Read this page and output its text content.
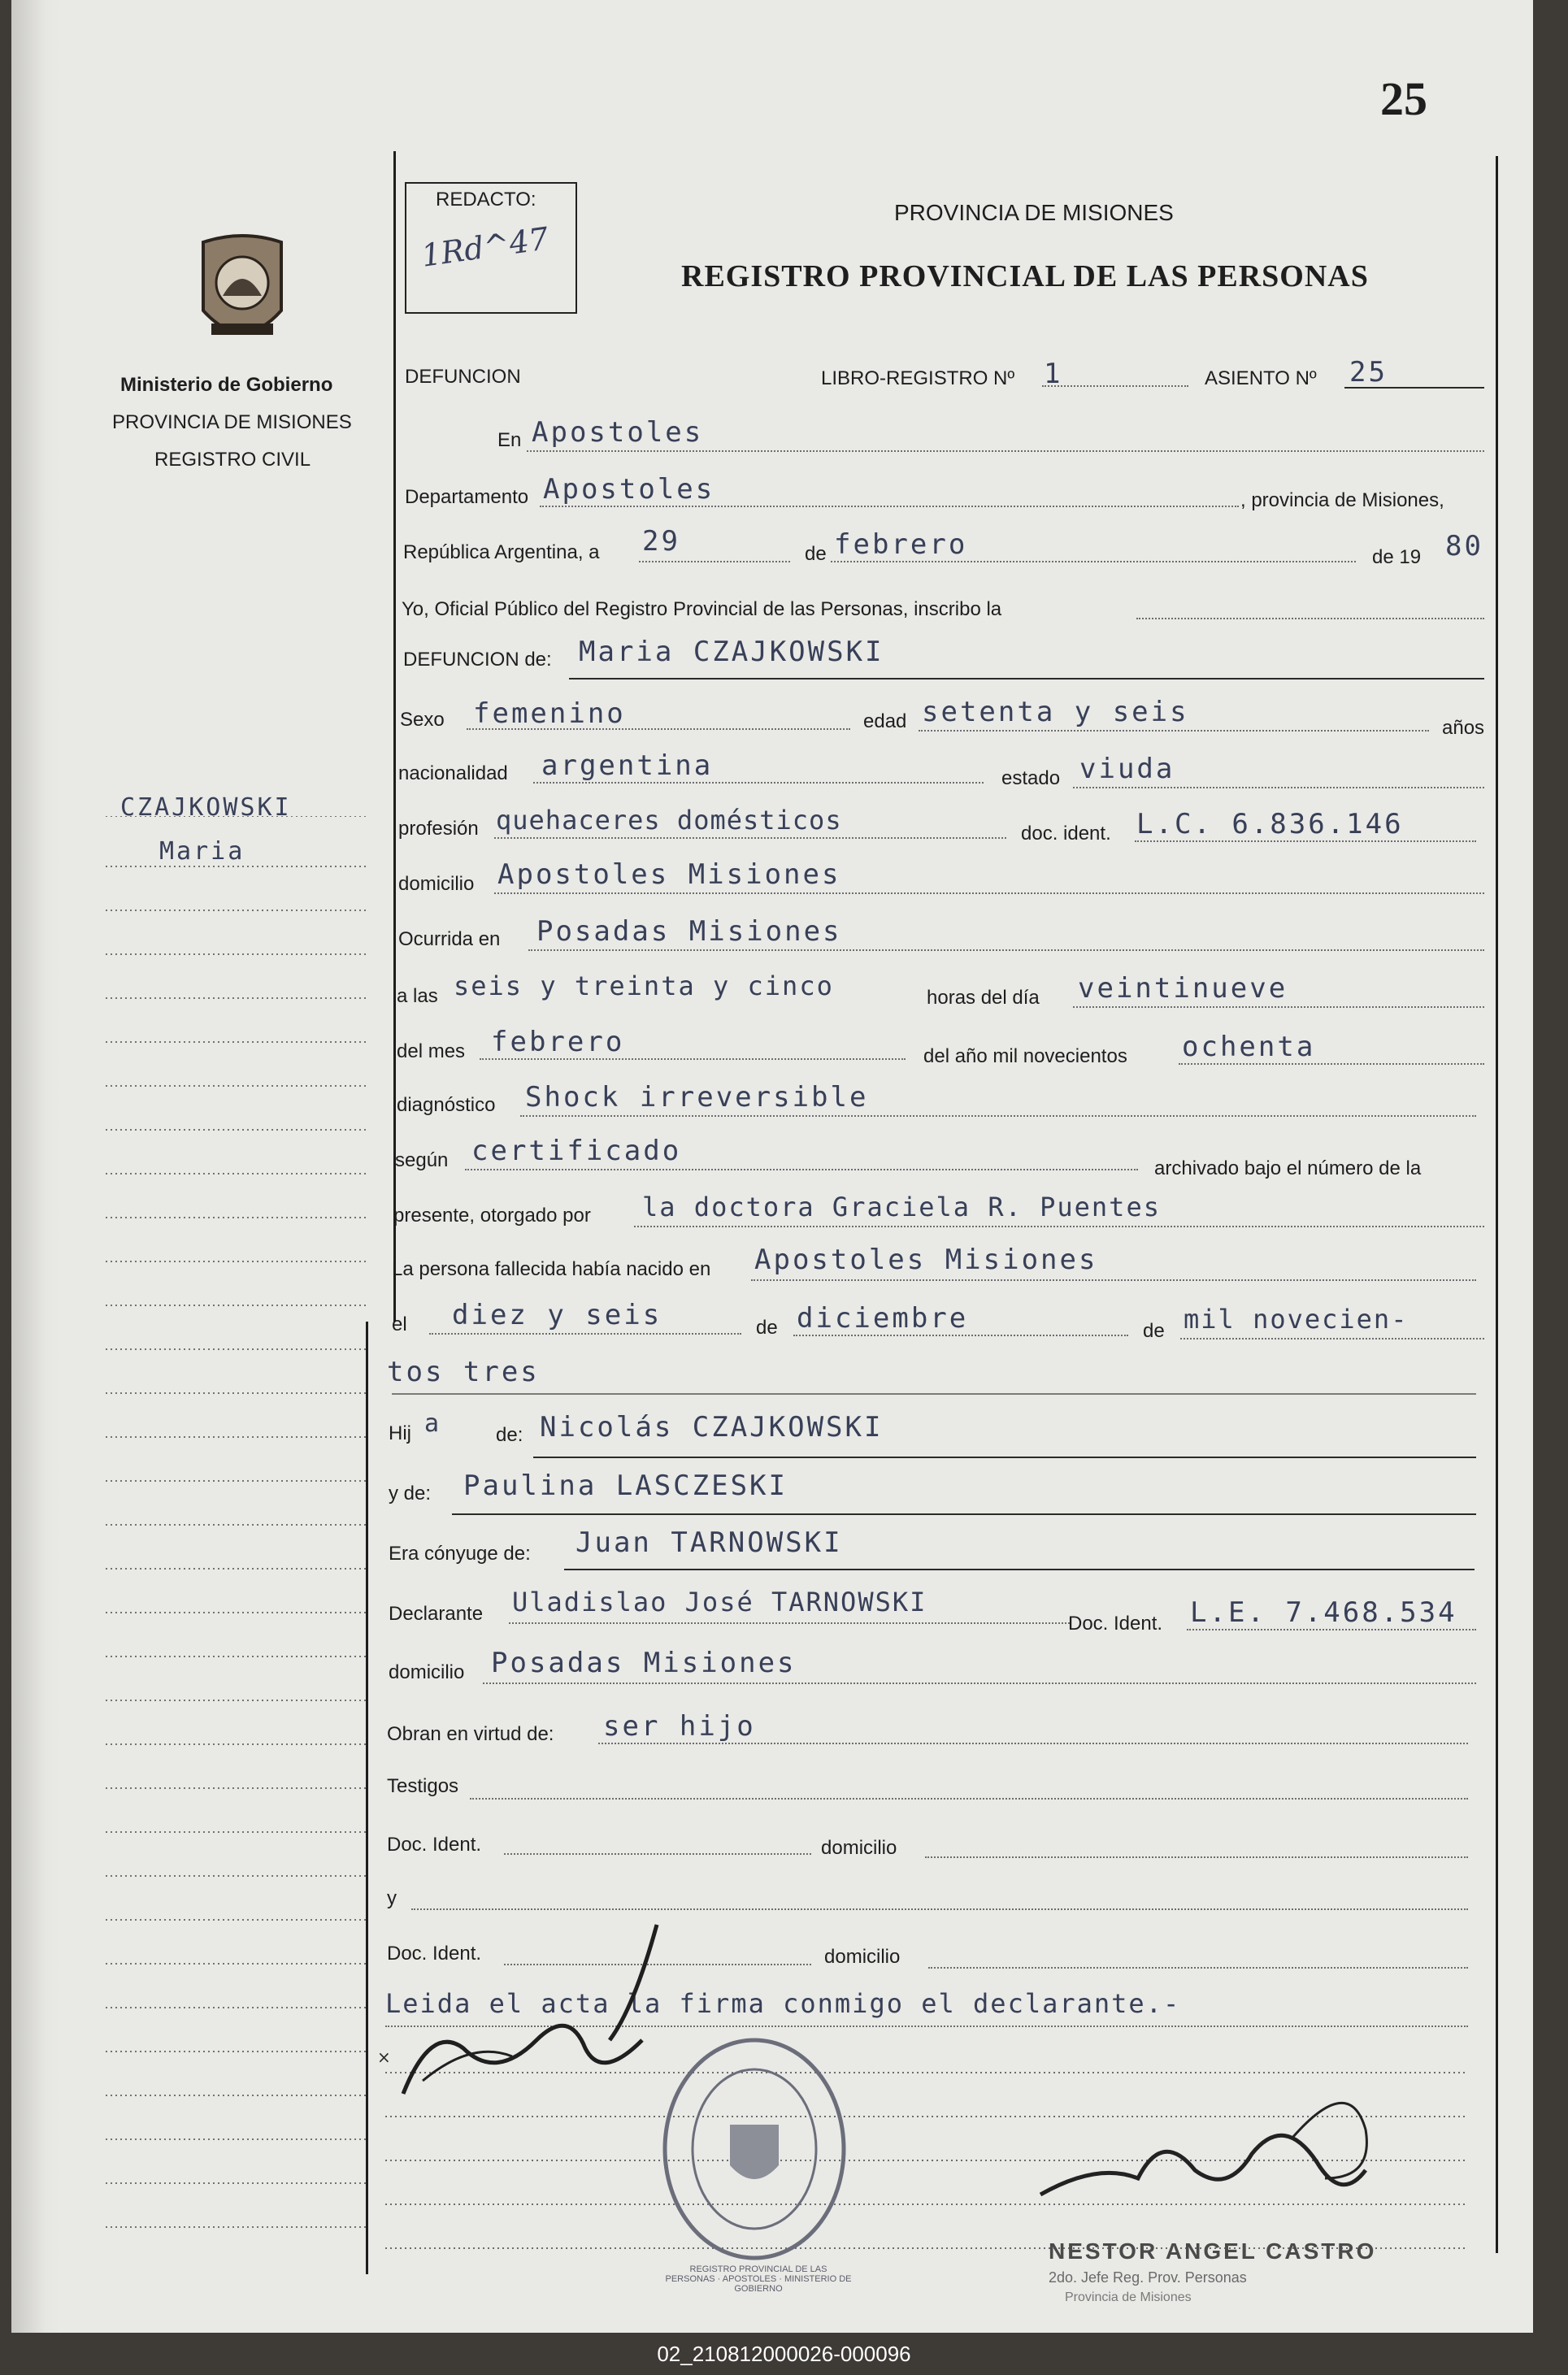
25
REDACTO:
1Rd^47
PROVINCIA DE MISIONES
REGISTRO PROVINCIAL DE LAS PERSONAS
Ministerio de Gobierno
PROVINCIA DE MISIONES
REGISTRO CIVIL
CZAJKOWSKI
Maria
DEFUNCION	LIBRO-REGISTRO Nº 1	ASIENTO Nº 25
En Apostoles
Departamento Apostoles	, provincia de Misiones,
República Argentina, a 29	de febrero	de 19 80
Yo, Oficial Público del Registro Provincial de las Personas, inscribo la
DEFUNCION de: Maria CZAJKOWSKI
Sexo femenino	edad setenta y seis	años
nacionalidad argentina	estado viuda
profesión quehaceres domésticos	doc. ident. L.C. 6.836.146
domicilio Apostoles Misiones
Ocurrida en Posadas Misiones
a las seis y treinta y cinco	horas del día veintinueve
del mes febrero	del año mil novecientos ochenta
diagnóstico Shock irreversible
según certificado
archivado bajo el número de la
presente, otorgado por la doctora Graciela R. Puentes
La persona fallecida había nacido en Apostoles Misiones
el diez y seis	de diciembre	de mil novecien-
tos tres
Hij a	de: Nicolás CZAJKOWSKI
y de: Paulina LASCZESKI
Era cónyuge de: Juan TARNOWSKI
Declarante Uladislao José TARNOWSKI
Doc. Ident. L.E. 7.468.534
domicilio Posadas Misiones
Obran en virtud de: ser hijo
Testigos
Doc. Ident.	domicilio
y
Doc. Ident.	domicilio
Leida el acta la firma conmigo el declarante.-
×
REGISTRO PROVINCIAL DE LAS PERSONAS · APOSTOLES · MINISTERIO DE GOBIERNO
NESTOR ANGEL CASTRO
2do. Jefe Reg. Prov. Personas
Provincia de Misiones
02_210812000026-000096
